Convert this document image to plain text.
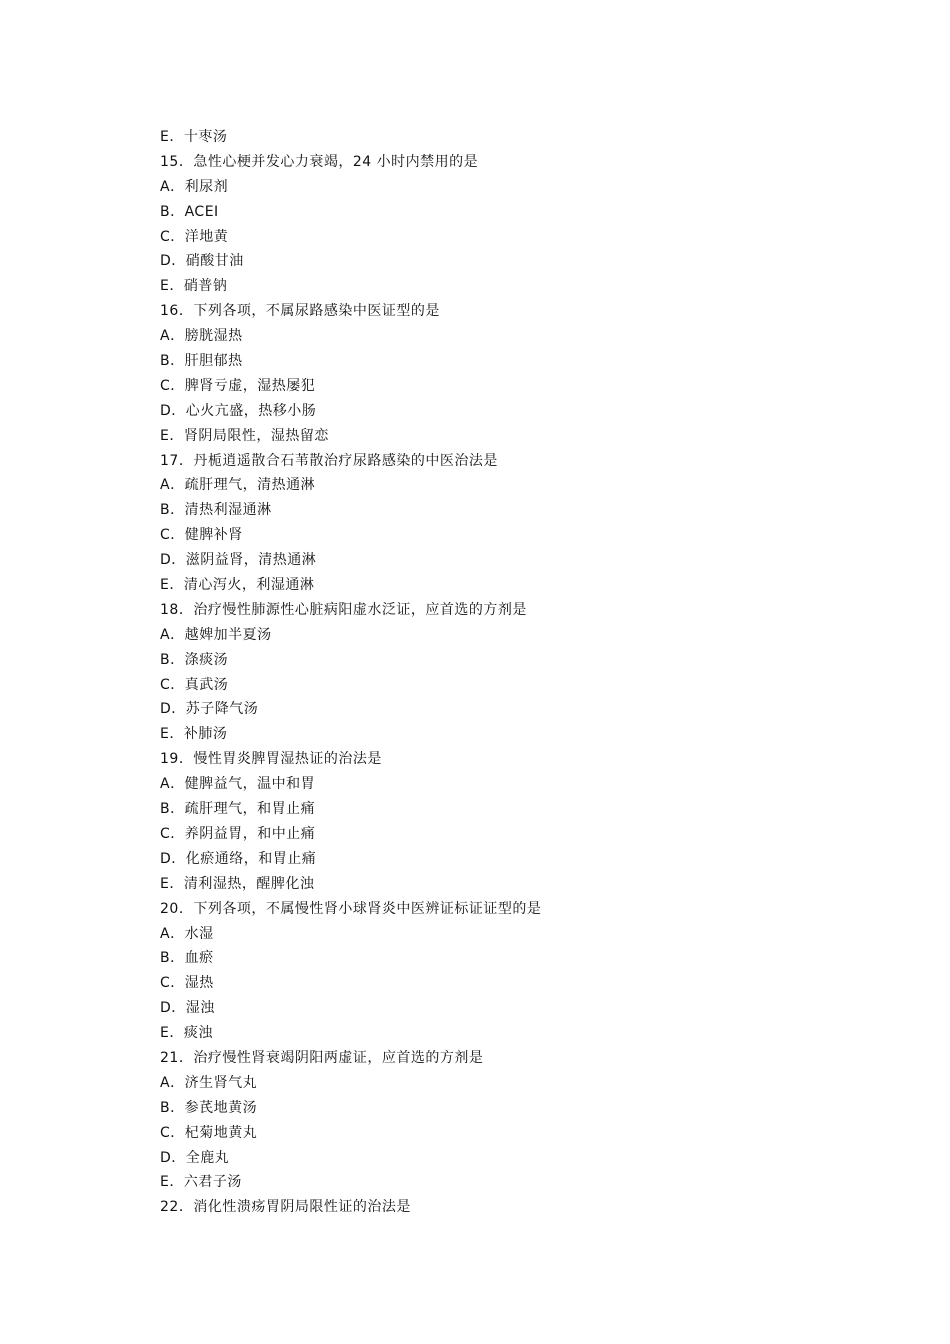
E．十枣汤
15．急性心梗并发心力衰竭，24 小时内禁用的是
A．利尿剂
B．ACEI
C．洋地黄
D．硝酸甘油
E．硝普钠
16．下列各项，不属尿路感染中医证型的是
A．膀胱湿热
B．肝胆郁热
C．脾肾亏虚，湿热屡犯
D．心火亢盛，热移小肠
E．肾阴局限性，湿热留恋
17．丹栀逍遥散合石苇散治疗尿路感染的中医治法是
A．疏肝理气，清热通淋
B．清热利湿通淋
C．健脾补肾
D．滋阴益肾，清热通淋
E．清心泻火，利湿通淋
18．治疗慢性肺源性心脏病阳虚水泛证，应首选的方剂是
A．越婢加半夏汤
B．涤痰汤
C．真武汤
D．苏子降气汤
E．补肺汤
19．慢性胃炎脾胃湿热证的治法是
A．健脾益气，温中和胃
B．疏肝理气，和胃止痛
C．养阴益胃，和中止痛
D．化瘀通络，和胃止痛
E．清利湿热，醒脾化浊
20．下列各项，不属慢性肾小球肾炎中医辨证标证证型的是
A．水湿
B．血瘀
C．湿热
D．湿浊
E．痰浊
21．治疗慢性肾衰竭阴阳两虚证，应首选的方剂是
A．济生肾气丸
B．参芪地黄汤
C．杞菊地黄丸
D．全鹿丸
E．六君子汤
22．消化性溃疡胃阴局限性证的治法是
